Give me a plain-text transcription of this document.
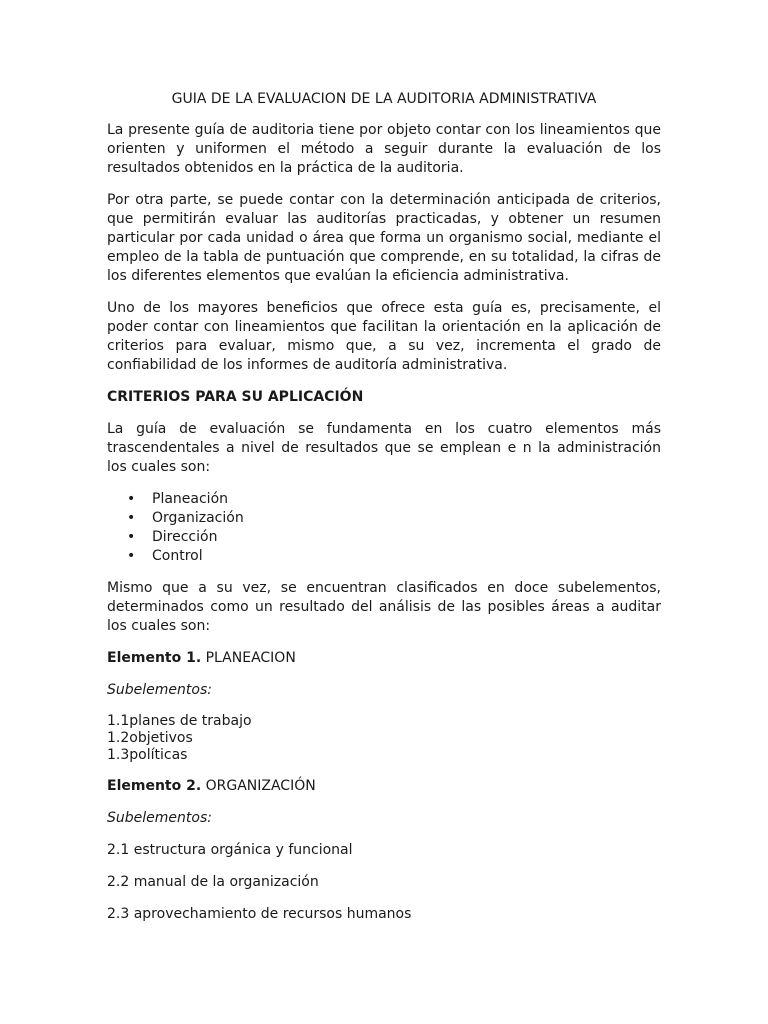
GUIA DE LA EVALUACION DE LA AUDITORIA ADMINISTRATIVA

La presente guía de auditoria tiene por objeto contar con los lineamientos que orienten y uniformen el método a seguir durante la evaluación de los resultados obtenidos en la práctica de la auditoria.

Por otra parte, se puede contar con la determinación anticipada de criterios, que permitirán evaluar las auditorías practicadas, y obtener un resumen particular por cada unidad o área que forma un organismo social, mediante el empleo de la tabla de puntuación que comprende, en su totalidad, la cifras de los diferentes elementos que evalúan la eficiencia administrativa.

Uno de los mayores beneficios que ofrece esta guía es, precisamente, el poder contar con lineamientos que facilitan la orientación en la aplicación de criterios para evaluar, mismo que, a su vez, incrementa el grado de confiabilidad de los informes de auditoría administrativa.

CRITERIOS PARA SU APLICACIÓN

La guía de evaluación se fundamenta en los cuatro elementos más trascendentales a nivel de resultados que se emplean e n la administración los cuales son:

• Planeación
• Organización
• Dirección
• Control

Mismo que a su vez, se encuentran clasificados en doce subelementos, determinados como un resultado del análisis de las posibles áreas a auditar los cuales son:

Elemento 1. PLANEACION

Subelementos:

1.1planes de trabajo

1.2objetivos

1.3políticas

Elemento 2. ORGANIZACIÓN

Subelementos:

2.1 estructura orgánica y funcional

2.2 manual de la organización

2.3 aprovechamiento de recursos humanos
